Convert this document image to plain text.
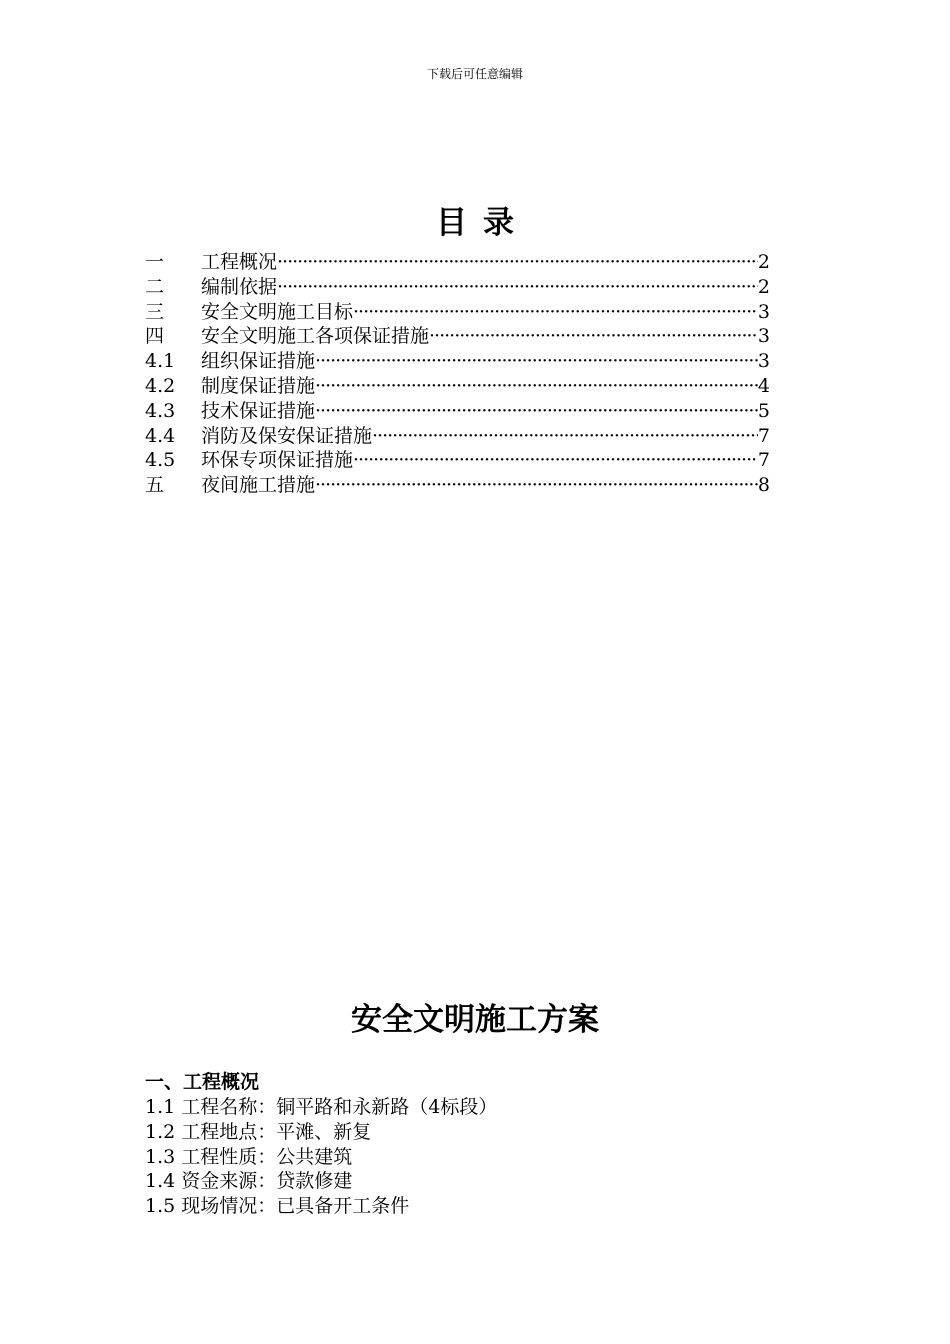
下载后可任意编辑
目录
一	工程概况 ·····	2
二	编制依据 ·····	2
三	安全文明施工目标 ·····	3
四	安全文明施工各项保证措施 ·····	3
4.1	组织保证措施 ·····	3
4.2	制度保证措施 ·····	4
4.3	技术保证措施 ·····	5
4.4	消防及保安保证措施 ·····	7
4.5	环保专项保证措施 ·····	7
五	夜间施工措施 ·····	8
安全文明施工方案
一、工程概况
1.1 工程名称：铜平路和永新路（4标段）
1.2 工程地点：平滩、新复
1.3 工程性质：公共建筑
1.4 资金来源：贷款修建
1.5 现场情况：已具备开工条件
